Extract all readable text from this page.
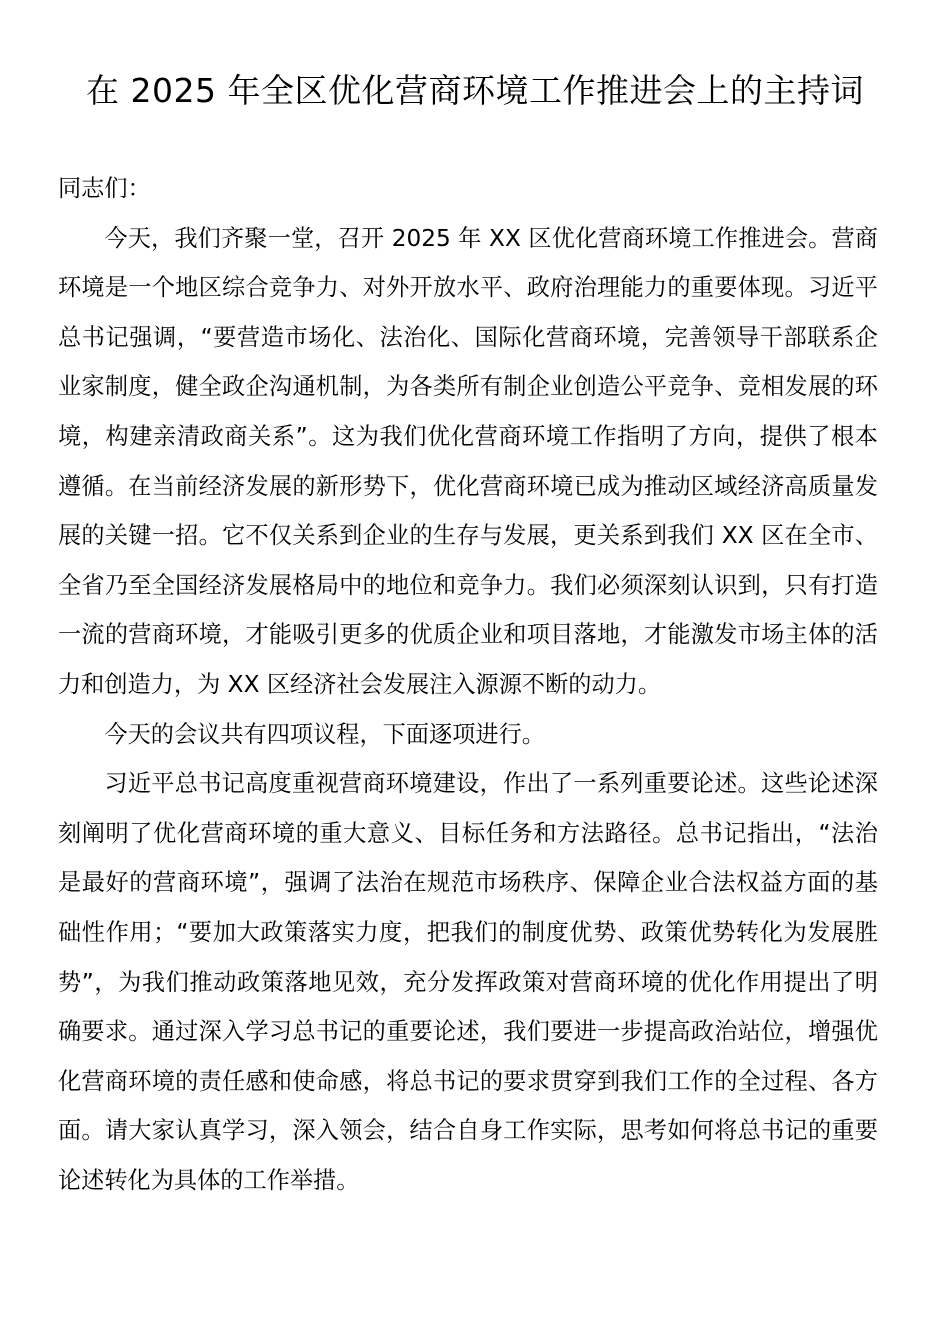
在 2025 年全区优化营商环境工作推进会上的主持词

同志们：

今天，我们齐聚一堂，召开 2025 年 XX 区优化营商环境工作推进会。营商环境是一个地区综合竞争力、对外开放水平、政府治理能力的重要体现。习近平总书记强调，“要营造市场化、法治化、国际化营商环境，完善领导干部联系企业家制度，健全政企沟通机制，为各类所有制企业创造公平竞争、竞相发展的环境，构建亲清政商关系”。这为我们优化营商环境工作指明了方向，提供了根本遵循。在当前经济发展的新形势下，优化营商环境已成为推动区域经济高质量发展的关键一招。它不仅关系到企业的生存与发展，更关系到我们 XX 区在全市、全省乃至全国经济发展格局中的地位和竞争力。我们必须深刻认识到，只有打造一流的营商环境，才能吸引更多的优质企业和项目落地，才能激发市场主体的活力和创造力，为 XX 区经济社会发展注入源源不断的动力。

今天的会议共有四项议程，下面逐项进行。

习近平总书记高度重视营商环境建设，作出了一系列重要论述。这些论述深刻阐明了优化营商环境的重大意义、目标任务和方法路径。总书记指出，“法治是最好的营商环境”，强调了法治在规范市场秩序、保障企业合法权益方面的基础性作用；“要加大政策落实力度，把我们的制度优势、政策优势转化为发展胜势”，为我们推动政策落地见效，充分发挥政策对营商环境的优化作用提出了明确要求。通过深入学习总书记的重要论述，我们要进一步提高政治站位，增强优化营商环境的责任感和使命感，将总书记的要求贯穿到我们工作的全过程、各方面。请大家认真学习，深入领会，结合自身工作实际，思考如何将总书记的重要论述转化为具体的工作举措。
